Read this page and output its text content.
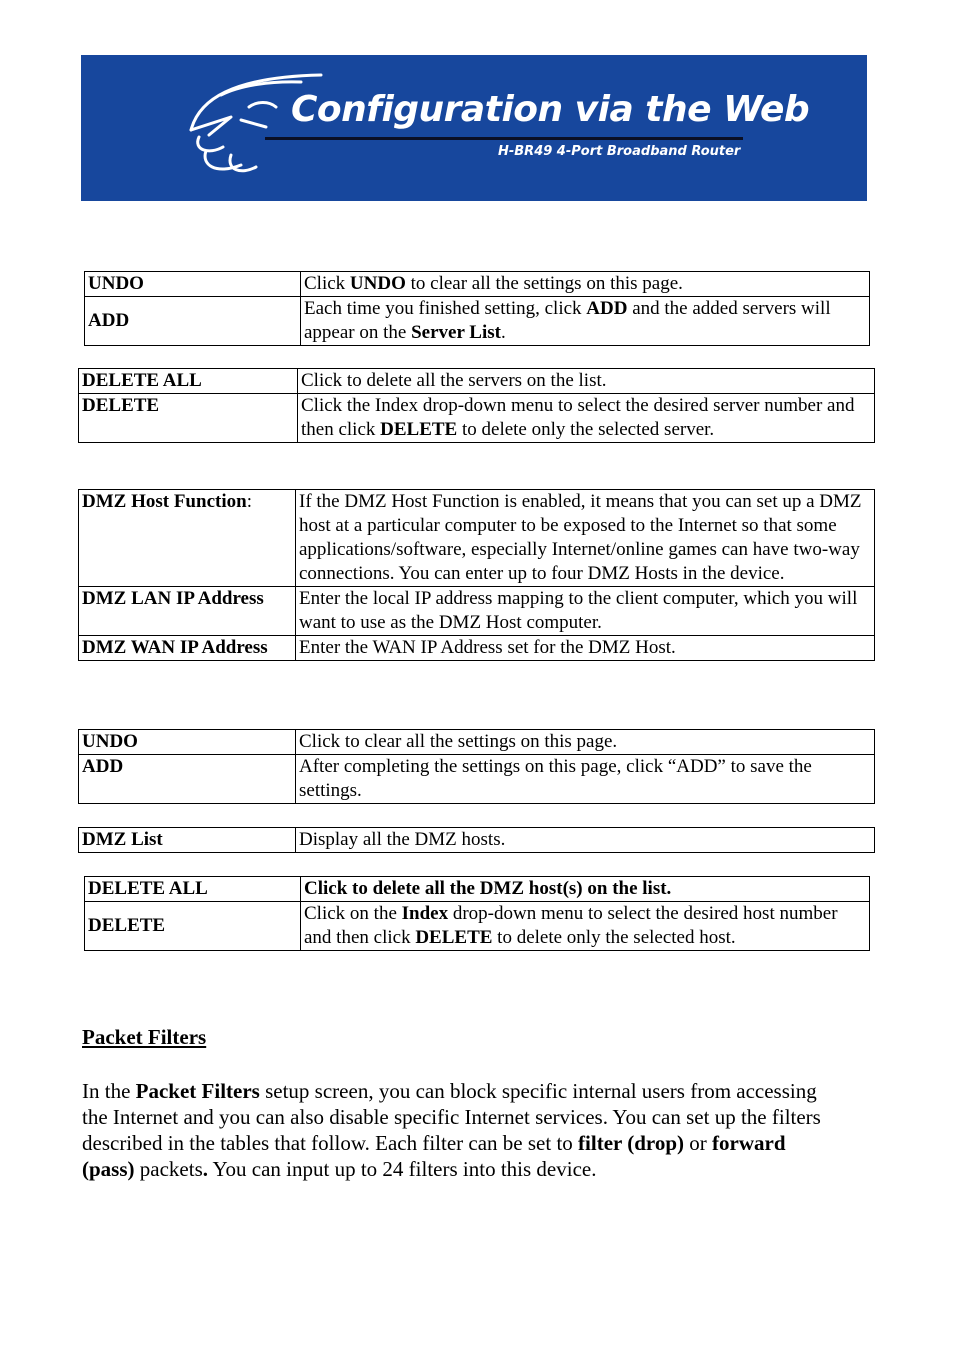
Configuration via the Web
H-BR49 4-Port Broadband Router
UNDO	Click UNDO to clear all the settings on this page.
ADD	Each time you finished setting, click ADD and the added servers will appear on the Server List.
DELETE ALL	Click to delete all the servers on the list.
DELETE	Click the Index drop-down menu to select the desired server number and then click DELETE to delete only the selected server.
DMZ Host Function:	If the DMZ Host Function is enabled, it means that you can set up a DMZ host at a particular computer to be exposed to the Internet so that some applications/software, especially Internet/online games can have two-way connections. You can enter up to four DMZ Hosts in the device.
DMZ LAN IP Address	Enter the local IP address mapping to the client computer, which you will want to use as the DMZ Host computer.
DMZ WAN IP Address	Enter the WAN IP Address set for the DMZ Host.
UNDO	Click to clear all the settings on this page.
ADD	After completing the settings on this page, click “ADD” to save the settings.
DMZ List	Display all the DMZ hosts.
DELETE ALL	Click to delete all the DMZ host(s) on the list.
DELETE	Click on the Index drop-down menu to select the desired host number and then click DELETE to delete only the selected host.
Packet Filters
In the Packet Filters setup screen, you can block specific internal users from accessing the Internet and you can also disable specific Internet services. You can set up the filters described in the tables that follow. Each filter can be set to filter (drop) or forward (pass) packets. You can input up to 24 filters into this device.
